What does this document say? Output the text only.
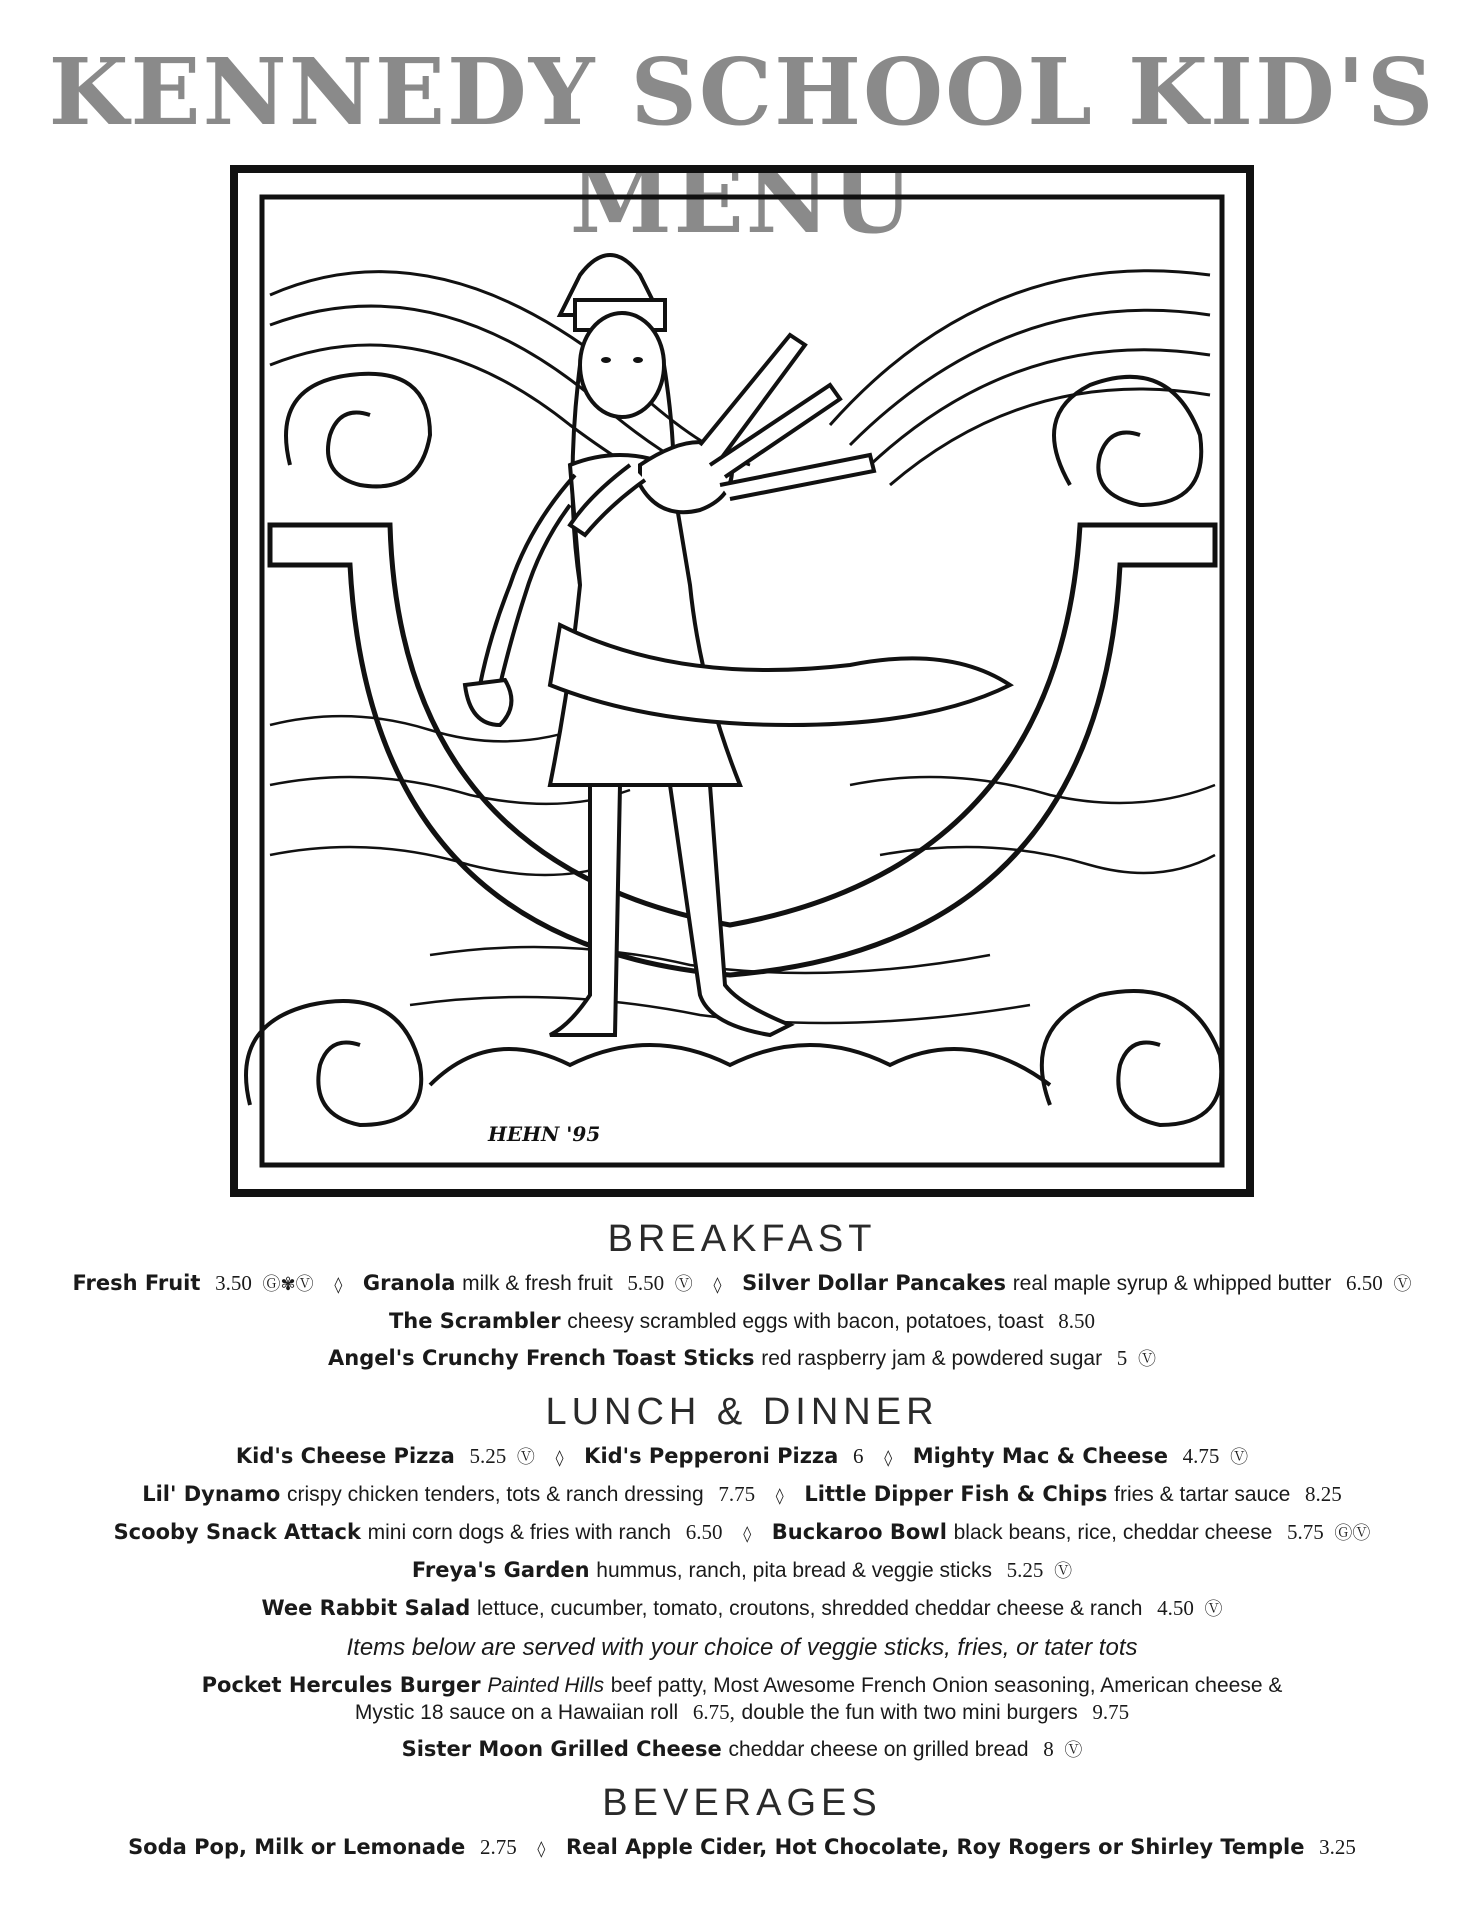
KENNEDY SCHOOL KID'S MENU
HEHN '95
BREAKFAST
Fresh Fruit 3.50 Ⓖ✾Ⓥ ◊ Granola milk & fresh fruit 5.50 Ⓥ ◊ Silver Dollar Pancakes real maple syrup & whipped butter 6.50 Ⓥ
The Scrambler cheesy scrambled eggs with bacon, potatoes, toast 8.50
Angel's Crunchy French Toast Sticks red raspberry jam & powdered sugar 5 Ⓥ
LUNCH & DINNER
Kid's Cheese Pizza 5.25 Ⓥ ◊ Kid's Pepperoni Pizza 6 ◊ Mighty Mac & Cheese 4.75 Ⓥ
Lil' Dynamo crispy chicken tenders, tots & ranch dressing 7.75 ◊ Little Dipper Fish & Chips fries & tartar sauce 8.25
Scooby Snack Attack mini corn dogs & fries with ranch 6.50 ◊ Buckaroo Bowl black beans, rice, cheddar cheese 5.75 ⒼⓋ
Freya's Garden hummus, ranch, pita bread & veggie sticks 5.25 Ⓥ
Wee Rabbit Salad lettuce, cucumber, tomato, croutons, shredded cheddar cheese & ranch 4.50 Ⓥ
Items below are served with your choice of veggie sticks, fries, or tater tots
Pocket Hercules Burger Painted Hills beef patty, Most Awesome French Onion seasoning, American cheese &
Mystic 18 sauce on a Hawaiian roll 6.75, double the fun with two mini burgers 9.75
Sister Moon Grilled Cheese cheddar cheese on grilled bread 8 Ⓥ
BEVERAGES
Soda Pop, Milk or Lemonade 2.75 ◊ Real Apple Cider, Hot Chocolate, Roy Rogers or Shirley Temple 3.25
